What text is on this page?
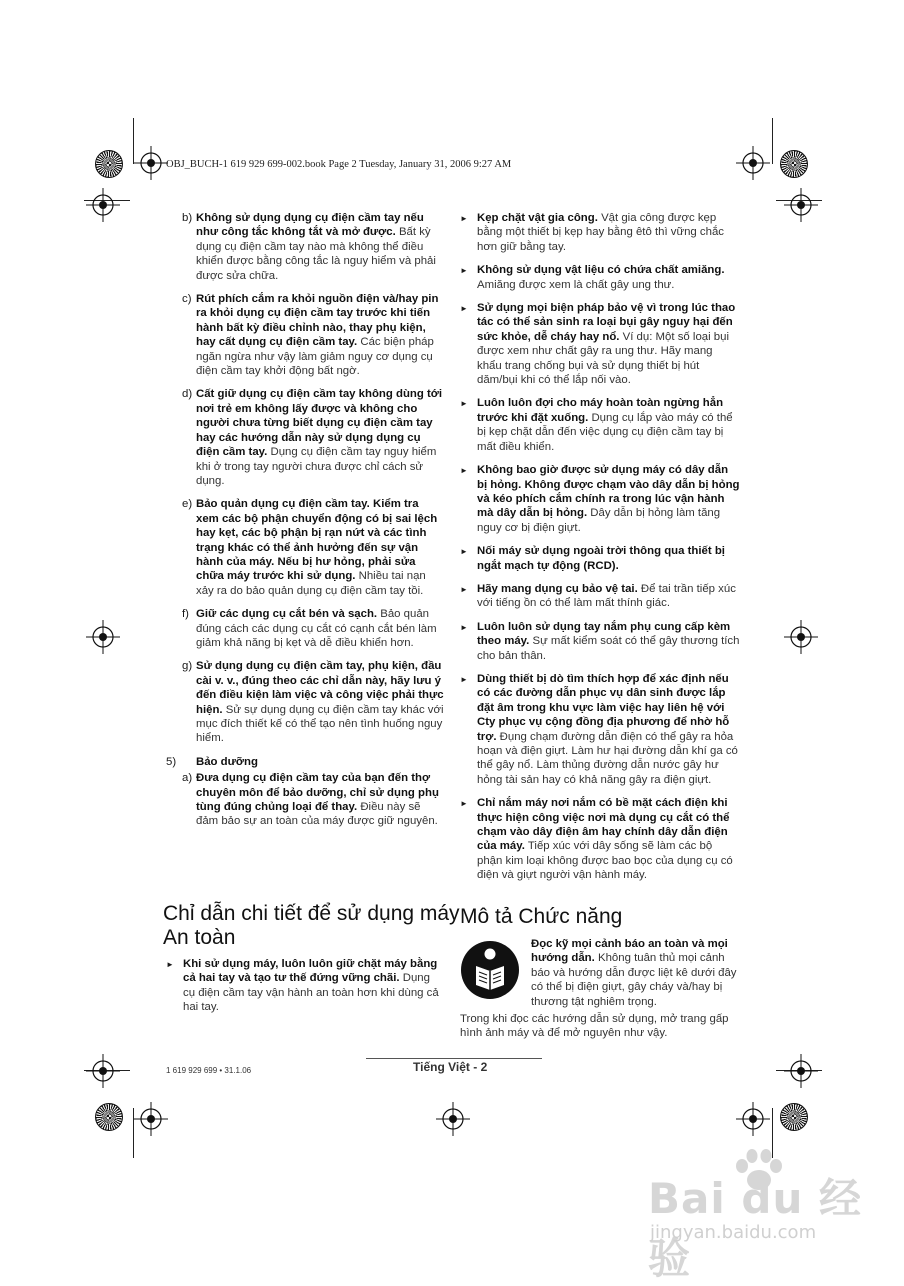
OBJ_BUCH-1 619 929 699-002.book Page 2 Tuesday, January 31, 2006 9:27 AM
b) Không sử dụng dụng cụ điện cầm tay nếu như công tắc không tắt và mở được. Bất kỳ dụng cụ điện cầm tay nào mà không thể điều khiển được bằng công tắc là nguy hiểm và phải được sửa chữa.
c) Rút phích cắm ra khỏi nguồn điện và/hay pin ra khỏi dụng cụ điện cầm tay trước khi tiến hành bất kỳ điều chỉnh nào, thay phụ kiện, hay cất dụng cụ điện cầm tay. Các biện pháp ngăn ngừa như vậy làm giảm nguy cơ dụng cụ điện cầm tay khởi động bất ngờ.
d) Cất giữ dụng cụ điện cầm tay không dùng tới nơi trẻ em không lấy được và không cho người chưa từng biết dụng cụ điện cầm tay hay các hướng dẫn này sử dụng dụng cụ điện cầm tay. Dụng cụ điện cầm tay nguy hiểm khi ở trong tay người chưa được chỉ cách sử dụng.
e) Bảo quản dụng cụ điện cầm tay. Kiểm tra xem các bộ phận chuyển động có bị sai lệch hay kẹt, các bộ phận bị rạn nứt và các tình trạng khác có thể ảnh hưởng đến sự vận hành của máy. Nếu bị hư hỏng, phải sửa chữa máy trước khi sử dụng. Nhiều tai nạn xảy ra do bảo quản dụng cụ điện cầm tay tồi.
f) Giữ các dụng cụ cắt bén và sạch. Bảo quản đúng cách các dụng cụ cắt có cạnh cắt bén làm giảm khả năng bị kẹt và dễ điều khiển hơn.
g) Sử dụng dụng cụ điện cầm tay, phụ kiện, đầu cài v. v., đúng theo các chỉ dẫn này, hãy lưu ý đến điều kiện làm việc và công việc phải thực hiện. Sử sự dụng dụng cụ điện cầm tay khác với mục đích thiết kế có thể tạo nên tình huống nguy hiểm.
5) Bảo dưỡng
a) Đưa dụng cụ điện cầm tay của bạn đến thợ chuyên môn để bảo dưỡng, chỉ sử dụng phụ tùng đúng chủng loại để thay. Điều này sẽ đảm bảo sự an toàn của máy được giữ nguyên.
► Kẹp chặt vật gia công. Vật gia công được kẹp bằng một thiết bị kẹp hay bằng êtô thì vững chắc hơn giữ bằng tay.
► Không sử dụng vật liệu có chứa chất amiăng. Amiăng được xem là chất gây ung thư.
► Sử dụng mọi biện pháp bảo vệ vì trong lúc thao tác có thể sản sinh ra loại bụi gây nguy hại đến sức khỏe, dễ cháy hay nổ. Ví dụ: Một số loại bụi được xem như chất gây ra ung thư. Hãy mang khẩu trang chống bụi và sử dụng thiết bị hút dăm/bụi khi có thể lắp nối vào.
► Luôn luôn đợi cho máy hoàn toàn ngừng hẳn trước khi đặt xuống. Dụng cụ lắp vào máy có thể bị kẹp chặt dẫn đến việc dụng cụ điện cầm tay bị mất điều khiển.
► Không bao giờ được sử dụng máy có dây dẫn bị hỏng. Không được chạm vào dây dẫn bị hỏng và kéo phích cắm chính ra trong lúc vận hành mà dây dẫn bị hỏng. Dây dẫn bị hỏng làm tăng nguy cơ bị điện giựt.
► Nối máy sử dụng ngoài trời thông qua thiết bị ngắt mạch tự động (RCD).
► Hãy mang dụng cụ bảo vệ tai. Để tai trần tiếp xúc với tiếng ồn có thể làm mất thính giác.
► Luôn luôn sử dụng tay nắm phụ cung cấp kèm theo máy. Sự mất kiểm soát có thể gây thương tích cho bản thân.
► Dùng thiết bị dò tìm thích hợp để xác định nếu có các đường dẫn phục vụ dân sinh được lắp đặt âm trong khu vực làm việc hay liên hệ với Cty phục vụ cộng đồng địa phương để nhờ hỗ trợ. Đụng chạm đường dẫn điện có thể gây ra hỏa hoạn và điện giựt. Làm hư hại đường dẫn khí ga có thể gây nổ. Làm thủng đường dẫn nước gây hư hỏng tài sản hay có khả năng gây ra điện giựt.
► Chỉ nắm máy nơi nắm có bề mặt cách điện khi thực hiện công việc nơi mà dụng cụ cắt có thể chạm vào dây điện âm hay chính dây dẫn điện của máy. Tiếp xúc với dây sống sẽ làm các bộ phận kim loại không được bao bọc của dụng cụ có điện và giựt người vận hành máy.
Chỉ dẫn chi tiết để sử dụng máy An toàn
► Khi sử dụng máy, luôn luôn giữ chặt máy bằng cả hai tay và tạo tư thế đứng vững chãi. Dụng cụ điện cầm tay vận hành an toàn hơn khi dùng cả hai tay.
Mô tả Chức năng
Đọc kỹ mọi cảnh báo an toàn và mọi hướng dẫn. Không tuân thủ mọi cảnh báo và hướng dẫn được liệt kê dưới đây có thể bị điện giựt, gây cháy và/hay bị thương tật nghiêm trọng.
Trong khi đọc các hướng dẫn sử dụng, mở trang gấp hình ảnh máy và để mở nguyên như vậy.
1 619 929 699 • 31.1.06	Tiếng Việt - 2
Bai du 经验
jingyan.baidu.com
